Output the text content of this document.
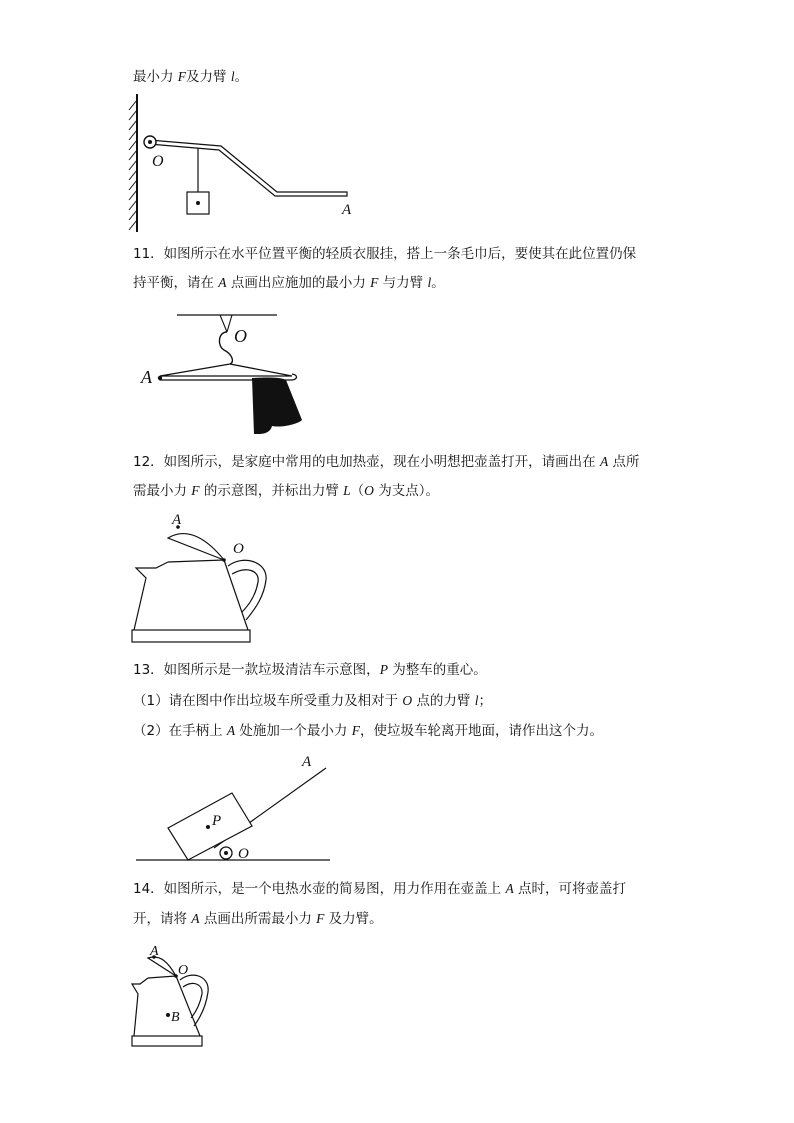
最小力 F及力臂 l。
O
A
11．如图所示在水平位置平衡的轻质衣服挂，搭上一条毛巾后，要使其在此位置仍保
持平衡，请在 A 点画出应施加的最小力 F 与力臂 l。
O
A
12．如图所示，是家庭中常用的电加热壶，现在小明想把壶盖打开，请画出在 A 点所
需最小力 F 的示意图，并标出力臂 L（O 为支点）。
A
O
13．如图所示是一款垃圾清洁车示意图，P 为整车的重心。
（1）请在图中作出垃圾车所受重力及相对于 O 点的力臂 l；
（2）在手柄上 A 处施加一个最小力 F，使垃圾车轮离开地面，请作出这个力。
A
P
O
14．如图所示，是一个电热水壶的简易图，用力作用在壶盖上 A 点时，可将壶盖打
开，请将 A 点画出所需最小力 F 及力臂。
A
O
B
